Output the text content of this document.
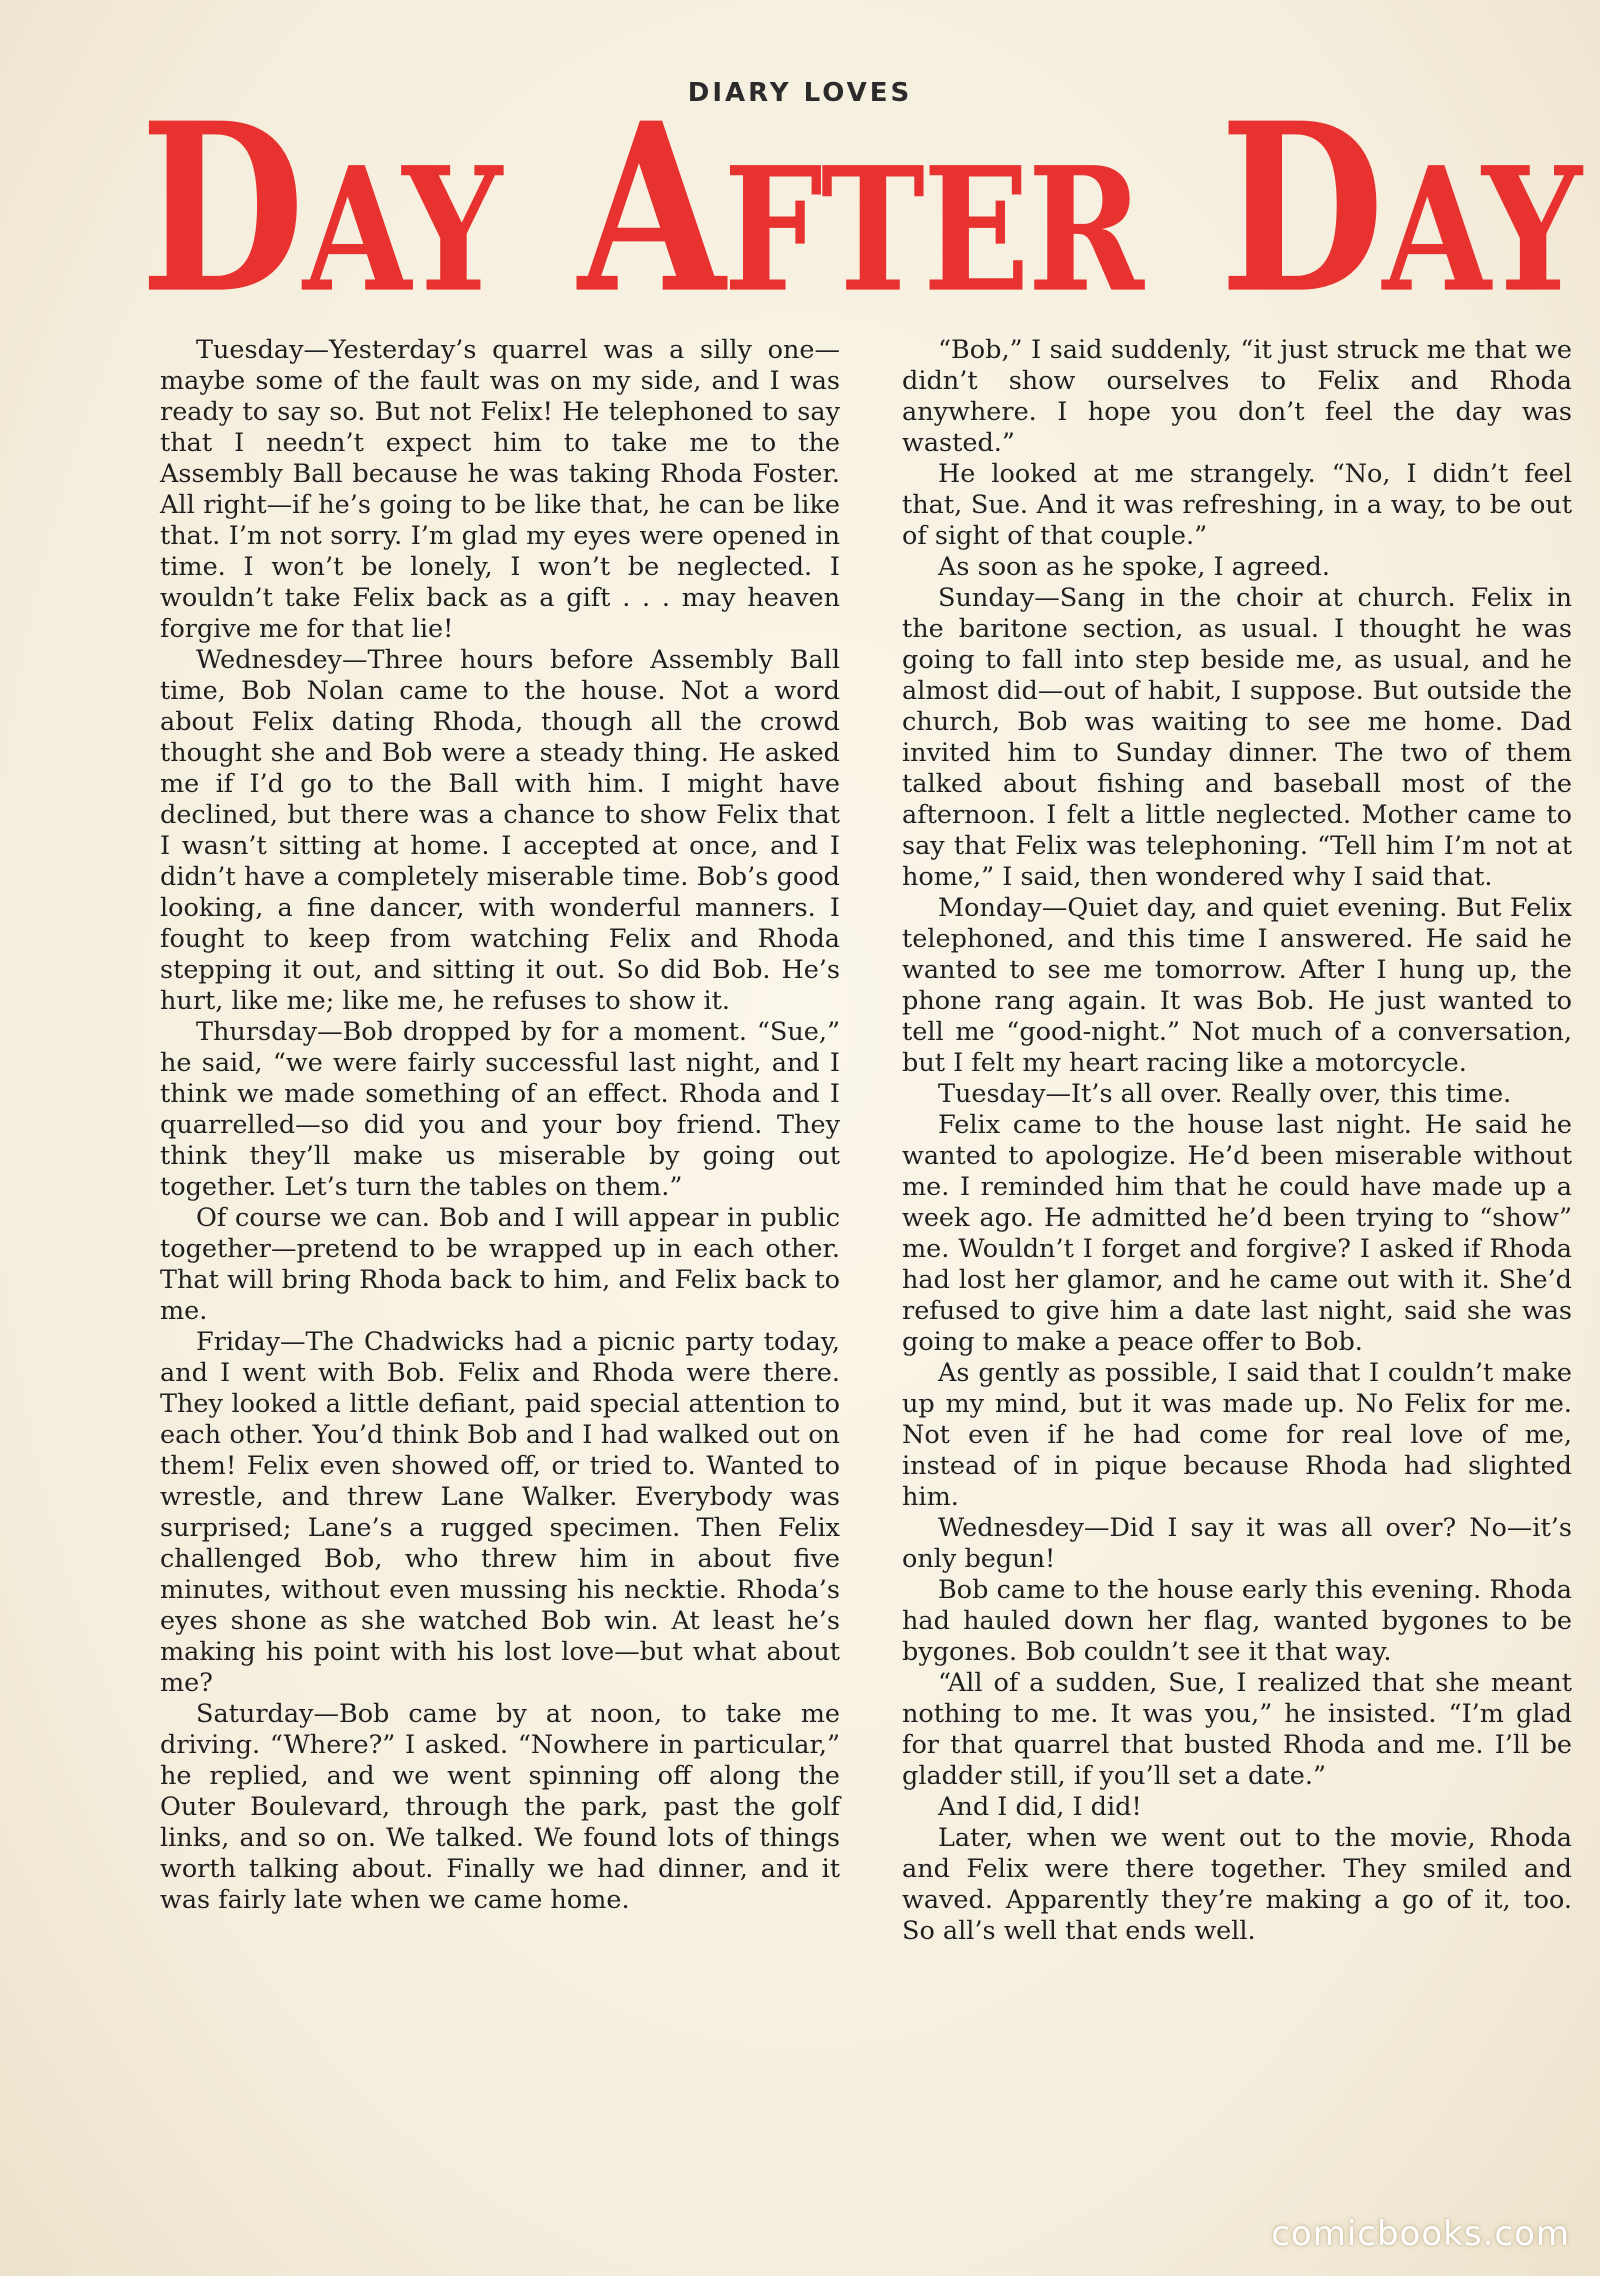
DIARY LOVES
DAY AFTER DAY

Tuesday—Yesterday’s quarrel was a silly one—maybe some of the fault was on my side, and I was ready to say so. But not Felix! He telephoned to say that I needn’t expect him to take me to the Assembly Ball because he was taking Rhoda Foster. All right—if he’s going to be like that, he can be like that. I’m not sorry. I’m glad my eyes were opened in time. I won’t be lonely, I won’t be neglected. I wouldn’t take Felix back as a gift . . . may heaven forgive me for that lie!

Wednesdey—Three hours before Assembly Ball time, Bob Nolan came to the house. Not a word about Felix dating Rhoda, though all the crowd thought she and Bob were a steady thing. He asked me if I’d go to the Ball with him. I might have declined, but there was a chance to show Felix that I wasn’t sitting at home. I accepted at once, and I didn’t have a completely miserable time. Bob’s good looking, a fine dancer, with wonderful manners. I fought to keep from watching Felix and Rhoda stepping it out, and sitting it out. So did Bob. He’s hurt, like me; like me, he refuses to show it.

Thursday—Bob dropped by for a moment. “Sue,” he said, “we were fairly successful last night, and I think we made something of an effect. Rhoda and I quarrelled—so did you and your boy friend. They think they’ll make us miserable by going out together. Let’s turn the tables on them.”

Of course we can. Bob and I will appear in public together—pretend to be wrapped up in each other. That will bring Rhoda back to him, and Felix back to me.

Friday—The Chadwicks had a picnic party today, and I went with Bob. Felix and Rhoda were there. They looked a little defiant, paid special attention to each other. You’d think Bob and I had walked out on them! Felix even showed off, or tried to. Wanted to wrestle, and threw Lane Walker. Everybody was surprised; Lane’s a rugged specimen. Then Felix challenged Bob, who threw him in about five minutes, without even mussing his necktie. Rhoda’s eyes shone as she watched Bob win. At least he’s making his point with his lost love—but what about me?

Saturday—Bob came by at noon, to take me driving. “Where?” I asked. “Nowhere in particular,” he replied, and we went spinning off along the Outer Boulevard, through the park, past the golf links, and so on. We talked. We found lots of things worth talking about. Finally we had dinner, and it was fairly late when we came home.

“Bob,” I said suddenly, “it just struck me that we didn’t show ourselves to Felix and Rhoda anywhere. I hope you don’t feel the day was wasted.”

He looked at me strangely. “No, I didn’t feel that, Sue. And it was refreshing, in a way, to be out of sight of that couple.”

As soon as he spoke, I agreed.

Sunday—Sang in the choir at church. Felix in the baritone section, as usual. I thought he was going to fall into step beside me, as usual, and he almost did—out of habit, I suppose. But outside the church, Bob was waiting to see me home. Dad invited him to Sunday dinner. The two of them talked about fishing and baseball most of the afternoon. I felt a little neglected. Mother came to say that Felix was telephoning. “Tell him I’m not at home,” I said, then wondered why I said that.

Monday—Quiet day, and quiet evening. But Felix telephoned, and this time I answered. He said he wanted to see me tomorrow. After I hung up, the phone rang again. It was Bob. He just wanted to tell me “good-night.” Not much of a conversation, but I felt my heart racing like a motorcycle.

Tuesday—It’s all over. Really over, this time.

Felix came to the house last night. He said he wanted to apologize. He’d been miserable without me. I reminded him that he could have made up a week ago. He admitted he’d been trying to “show” me. Wouldn’t I forget and forgive? I asked if Rhoda had lost her glamor, and he came out with it. She’d refused to give him a date last night, said she was going to make a peace offer to Bob.

As gently as possible, I said that I couldn’t make up my mind, but it was made up. No Felix for me. Not even if he had come for real love of me, instead of in pique because Rhoda had slighted him.

Wednesdey—Did I say it was all over? No—it’s only begun!

Bob came to the house early this evening. Rhoda had hauled down her flag, wanted bygones to be bygones. Bob couldn’t see it that way.

“All of a sudden, Sue, I realized that she meant nothing to me. It was you,” he insisted. “I’m glad for that quarrel that busted Rhoda and me. I’ll be gladder still, if you’ll set a date.”

And I did, I did!

Later, when we went out to the movie, Rhoda and Felix were there together. They smiled and waved. Apparently they’re making a go of it, too. So all’s well that ends well.

comicbooks.com
